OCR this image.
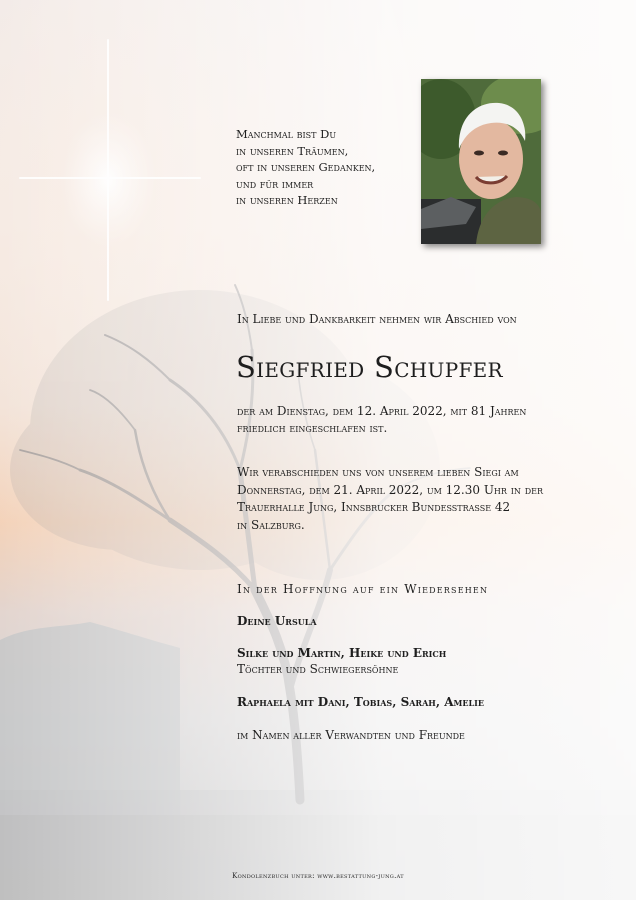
Manchmal bist Du
in unseren Träumen,
oft in unseren Gedanken,
und für immer
in unseren Herzen
In Liebe und Dankbarkeit nehmen wir Abschied von
Siegfried Schupfer
der am Dienstag, dem 12. April 2022, mit 81 Jahren
friedlich eingeschlafen ist.
Wir verabschieden uns von unserem lieben Siegi am
Donnerstag, dem 21. April 2022, um 12.30 Uhr in der
Trauerhalle Jung, Innsbrucker Bundesstrasse 42
in Salzburg.
In der Hoffnung auf ein Wiedersehen
Deine Ursula
Silke und Martin, Heike und Erich
Töchter und Schwiegersöhne
Raphaela mit Dani, Tobias, Sarah, Amelie
im Namen aller Verwandten und Freunde
Kondolenzbuch unter: www.bestattung-jung.at
